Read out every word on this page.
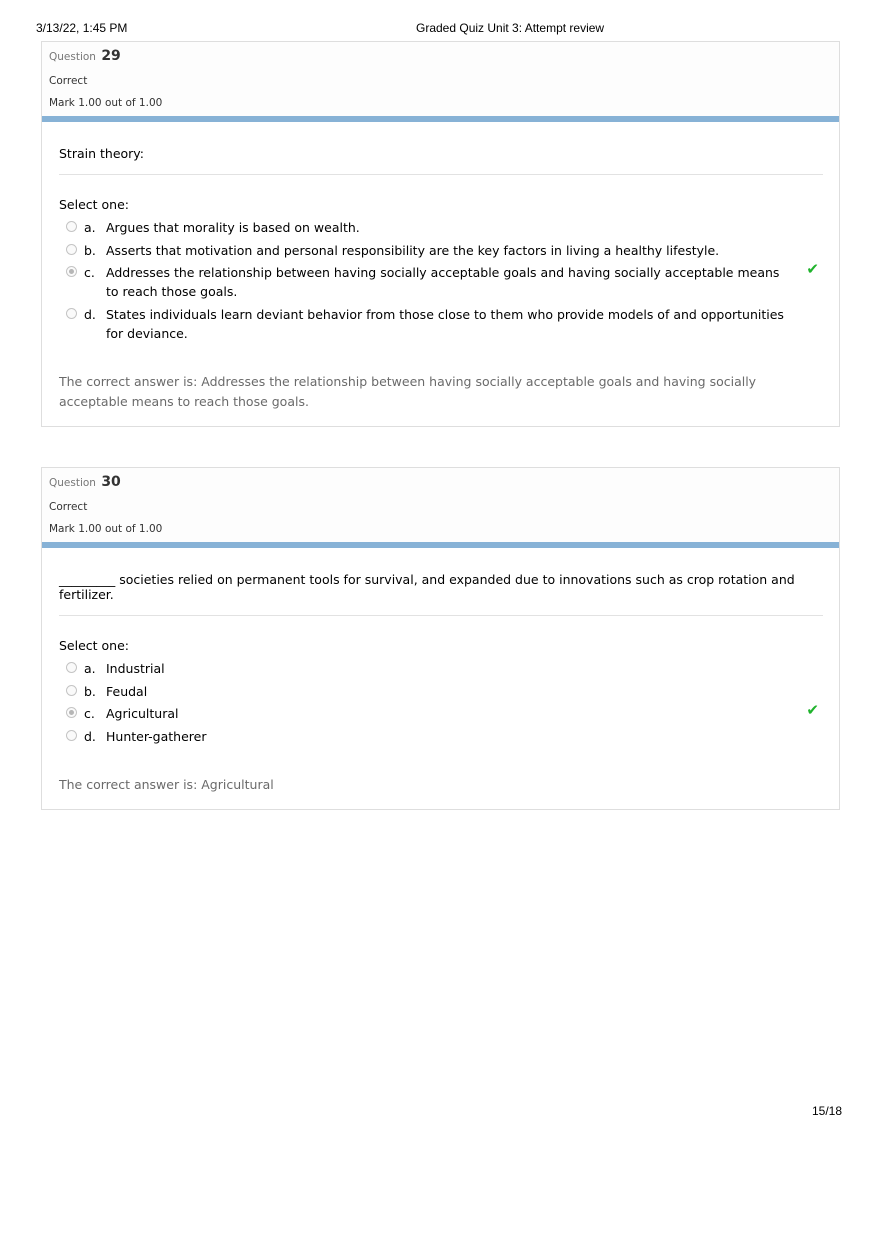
3/13/22, 1:45 PM	Graded Quiz Unit 3: Attempt review
Question 29
Correct
Mark 1.00 out of 1.00
Strain theory:
Select one:
a. Argues that morality is based on wealth.
b. Asserts that motivation and personal responsibility are the key factors in living a healthy lifestyle.
c. Addresses the relationship between having socially acceptable goals and having socially acceptable means to reach those goals.
✔
d. States individuals learn deviant behavior from those close to them who provide models of and opportunities for deviance.
The correct answer is: Addresses the relationship between having socially acceptable goals and having socially acceptable means to reach those goals.
Question 30
Correct
Mark 1.00 out of 1.00
_________ societies relied on permanent tools for survival, and expanded due to innovations such as crop rotation and fertilizer.
Select one:
a. Industrial
b. Feudal
c. Agricultural	✔
d. Hunter-gatherer
The correct answer is: Agricultural
15/18
